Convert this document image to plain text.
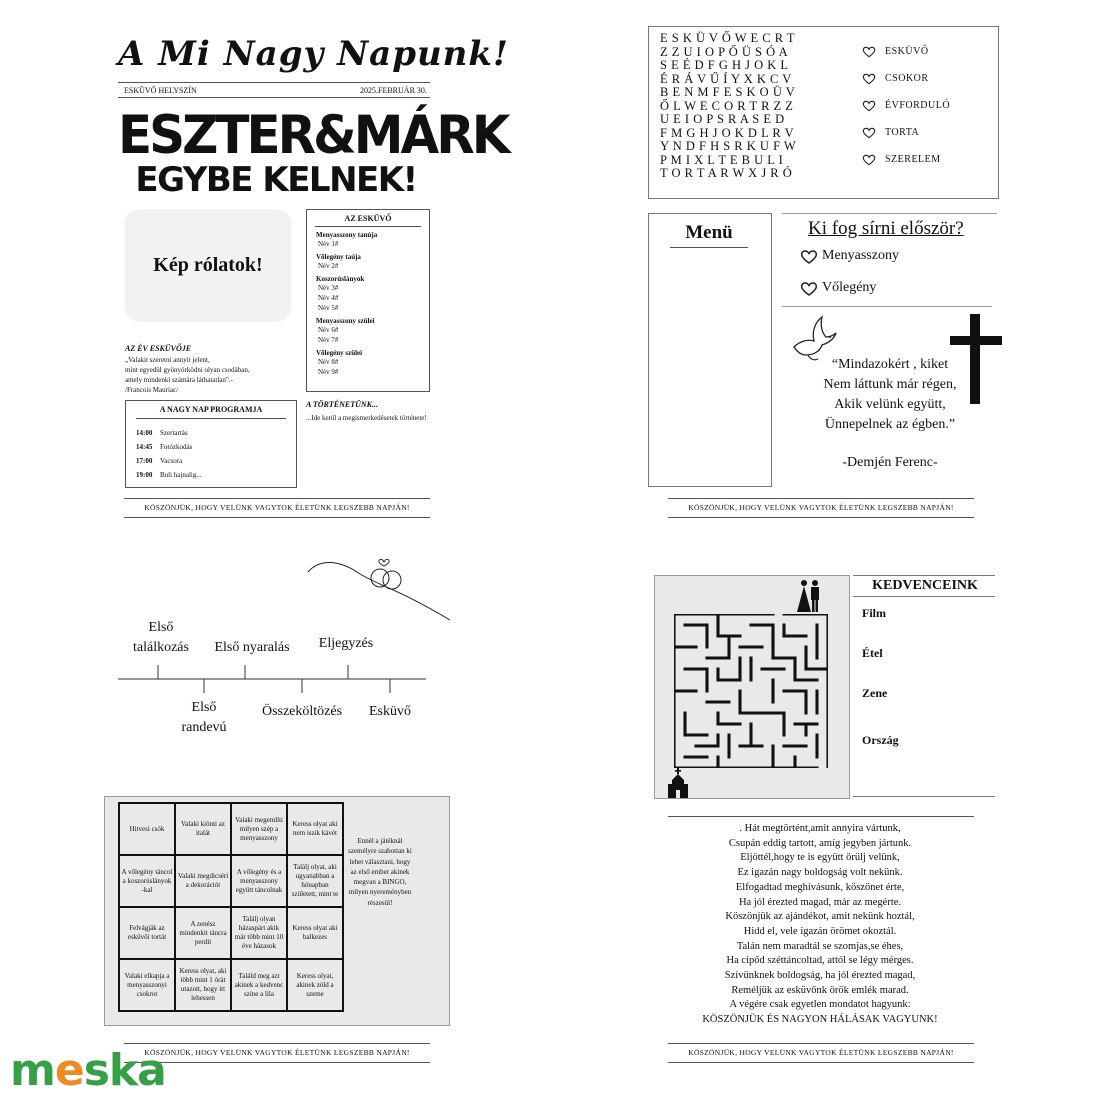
A Mi Nagy Napunk!
ESKÜVŐ HELYSZÍN	2025.FEBRUÁR 30.
ESZTER&MÁRK
EGYBE KELNEK!
Kép rólatok!
AZ ESKÜVŐ
Menyasszony tanúja
Név 1#
Vőlegény taúja
Név 2#
Koszorúslányok
Név 3#
Név 4#
Név 5#
Menyasszony szülei
Név 6#
Név 7#
Vőlegény szülei
Név 8#
Név 9#
AZ ÉV ESKÜVŐJE
„Valakit szeretni annyit jelent,
mint egyedül gyönyörködni olyan csodában,
amely mindenki számára láthatatlan".-
/Francois Mauriac/
A NAGY NAP PROGRAMJA
14:00 Szertartás
14:45 Fotózkodás
17:00 Vacsora
19:00 Buli hajnalig...
A TÖRTÉNETÜNK...
...Ide kerül a megismerkedésetek története!
KÖSZÖNJÜK, HOGY VELÜNK VAGYTOK ÉLETÜNK LEGSZEBB NAPJÁN!
E S K Ü V Ő W E C R T
Z Z U I O P Ő Ü S Ó A
S E É D F G H J O K L
É R Á V Ű Í Y X K C V
B E N M F E S K O Ü V
Ő L W E C O R T R Z Z
U E I O P S R A S E D
F M G H J O K D L R V
Y N D F H S R K U F W
P M I X L T E B U L I
T O R T A R W X J R Ó
ESKÜVŐ
CSOKOR
ÉVFORDULÓ
TORTA
SZERELEM
Menü	Ki fog sírni először?
Menyasszony
Vőlegény
“Mindazokért , kiket
Nem láttunk már régen,
Akik velünk együtt,
Ünnepelnek az égben.”
-Demjén Ferenc-
KÖSZÖNJÜK, HOGY VELÜNK VAGYTOK ÉLETÜNK LEGSZEBB NAPJÁN!
Első találkozás	Első nyaralás	Eljegyzés
Első randevú
Összeköltözés	Esküvő
KEDVENCEINK
Film
Étel
Zene
Ország
. Hát megtörtént,amit annyira vártunk,
Csupán eddig tartott, amíg jegyben jártunk.
Eljöttél,hogy te is együtt örülj velünk,
Ez igazán nagy boldogság volt nekünk.
Elfogadtad meghívásunk, köszönet érte,
Ha jól érezted magad, már az megérte.
Köszönjük az ajándékot, amit nekünk hoztál,
Hidd el, vele igazán örömet okoztál.
Talán nem maradtál se szomjas,se éhes,
Ha cipőd széttáncoltad, attól se légy mérges.
Szívünknek boldogság, ha jól érezted magad,
Reméljük az esküvőnk örök emlék marad.
A végére csak egyetlen mondatot hagyunk:
KÖSZÖNJÜK ÉS NAGYON HÁLÁSAK VAGYUNK!
KÖSZÖNJÜK, HOGY VELÜNK VAGYTOK ÉLETÜNK LEGSZEBB NAPJÁN!
Hitvesi csók	Valaki kiönti az italát	Valaki megemlíti milyen szép a menyasszony	Keress olyat aki nem iszik kávét
A vőlegény táncol a koszorúslányok -kal	Valaki megdicséri a dekorációt	A vőlegény és a menyasszony együtt táncolnak	Találj olyat, aki ugyanabban a hónapban született, mint te
Felvágják az esküvői tortát	A zenész mindenkit táncra perdít	Találj olyan házaspárt akik már több mint 10 éve házasok	Keress olyat aki balkezes
Valaki elkapja a menyasszonyi csokrot	Keress olyat, aki több mint 1 órát utazott, hogy itt lehessen	Találd meg azt akinek a kedvenc színe a lila	Keress olyat, akinek zöld a szeme
Ennél a játéknál személyre szabottan ki lehet választani, hogy az első ember akinek megvan a BINGO, milyen nyereményben részesül!
KÖSZÖNJÜK, HOGY VELÜNK VAGYTOK ÉLETÜNK LEGSZEBB NAPJÁN!
meska
